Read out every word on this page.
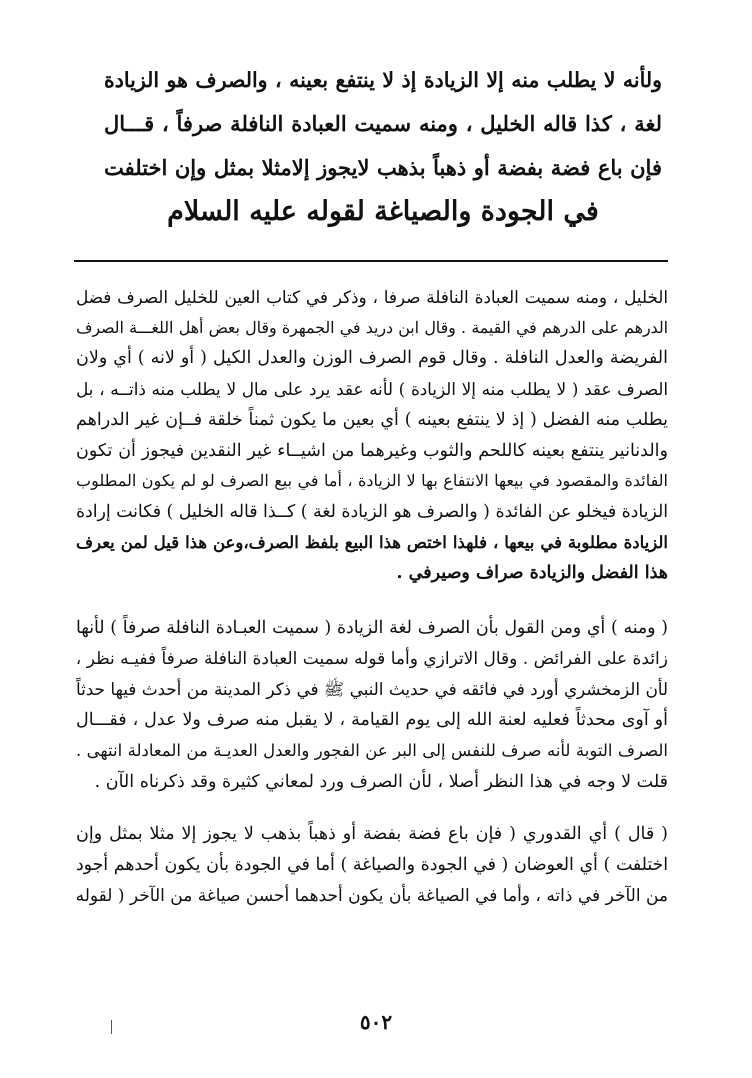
ولأنه لا يطلب منه إلا الزيادة إذ لا ينتفع بعينه ، والصرف هو الزيادة
لغة ، كذا قاله الخليل ، ومنه سميت العبادة النافلة صرفاً ، قـــال
فإن باع فضة بفضة أو ذهباً بذهب لايجوز إلامثلا بمثل وإن اختلفت
في الجودة والصياغة لقوله عليه السلام
الخليل ، ومنه سميت العبادة النافلة صرفا ، وذكر في كتاب العين للخليل الصرف فضل
الدرهم على الدرهم في القيمة . وقال ابن دريد في الجمهرة وقال بعض أهل اللغـــة الصرف
الفريضة والعدل النافلة . وقال قوم الصرف الوزن والعدل الكيل ( أو لانه ) أي ولان
الصرف عقد ( لا يطلب منه إلا الزيادة ) لأنه عقد يرد على مال لا يطلب منه ذاتــه ، بل
يطلب منه الفضل ( إذ لا ينتفع بعينه ) أي بعين ما يكون ثمناً خلقة فــإن غير الدراهم
والدنانير ينتفع بعينه كاللحم والثوب وغيرهما من اشيــاء غير النقدين فيجوز أن تكون
الفائدة والمقصود في بيعها الانتفاع بها لا الزيادة ، أما في بيع الصرف لو لم يكون المطلوب
الزيادة فيخلو عن الفائدة ( والصرف هو الزيادة لغة ) كــذا قاله الخليل ) فكانت إرادة
الزيادة مطلوبة في بيعها ، فلهذا اختص هذا البيع بلفظ الصرف،وعن هذا قيل لمن يعرف
هذا الفضل والزيادة صراف وصيرفي .
( ومنه ) أي ومن القول بأن الصرف لغة الزيادة ( سميت العبـادة النافلة صرفاً ) لأنها
زائدة على الفرائض . وقال الاترازي وأما قوله سميت العبادة النافلة صرفاً ففيـه نظر ،
لأن الزمخشري أورد في فائقه في حديث النبي ﷺ في ذكر المدينة من أحدث فيها حدثاً
أو آوى محدثاً فعليه لعنة الله إلى يوم القيامة ، لا يقبل منه صرف ولا عدل ، فقـــال
الصرف التوبة لأنه صرف للنفس إلى البر عن الفجور والعدل العديـة من المعادلة انتهى .
قلت لا وجه في هذا النظر أصلا ، لأن الصرف ورد لمعاني كثيرة وقد ذكرناه الآن .
( قال ) أي القدوري ( فإن باع فضة بفضة أو ذهباً بذهب لا يجوز إلا مثلا بمثل وإن
اختلفت ) أي العوضان ( في الجودة والصياغة ) أما في الجودة بأن يكون أحدهم أجود
من الآخر في ذاته ، وأما في الصياغة بأن يكون أحدهما أحسن صياغة من الآخر ( لقوله
٥٠٢
